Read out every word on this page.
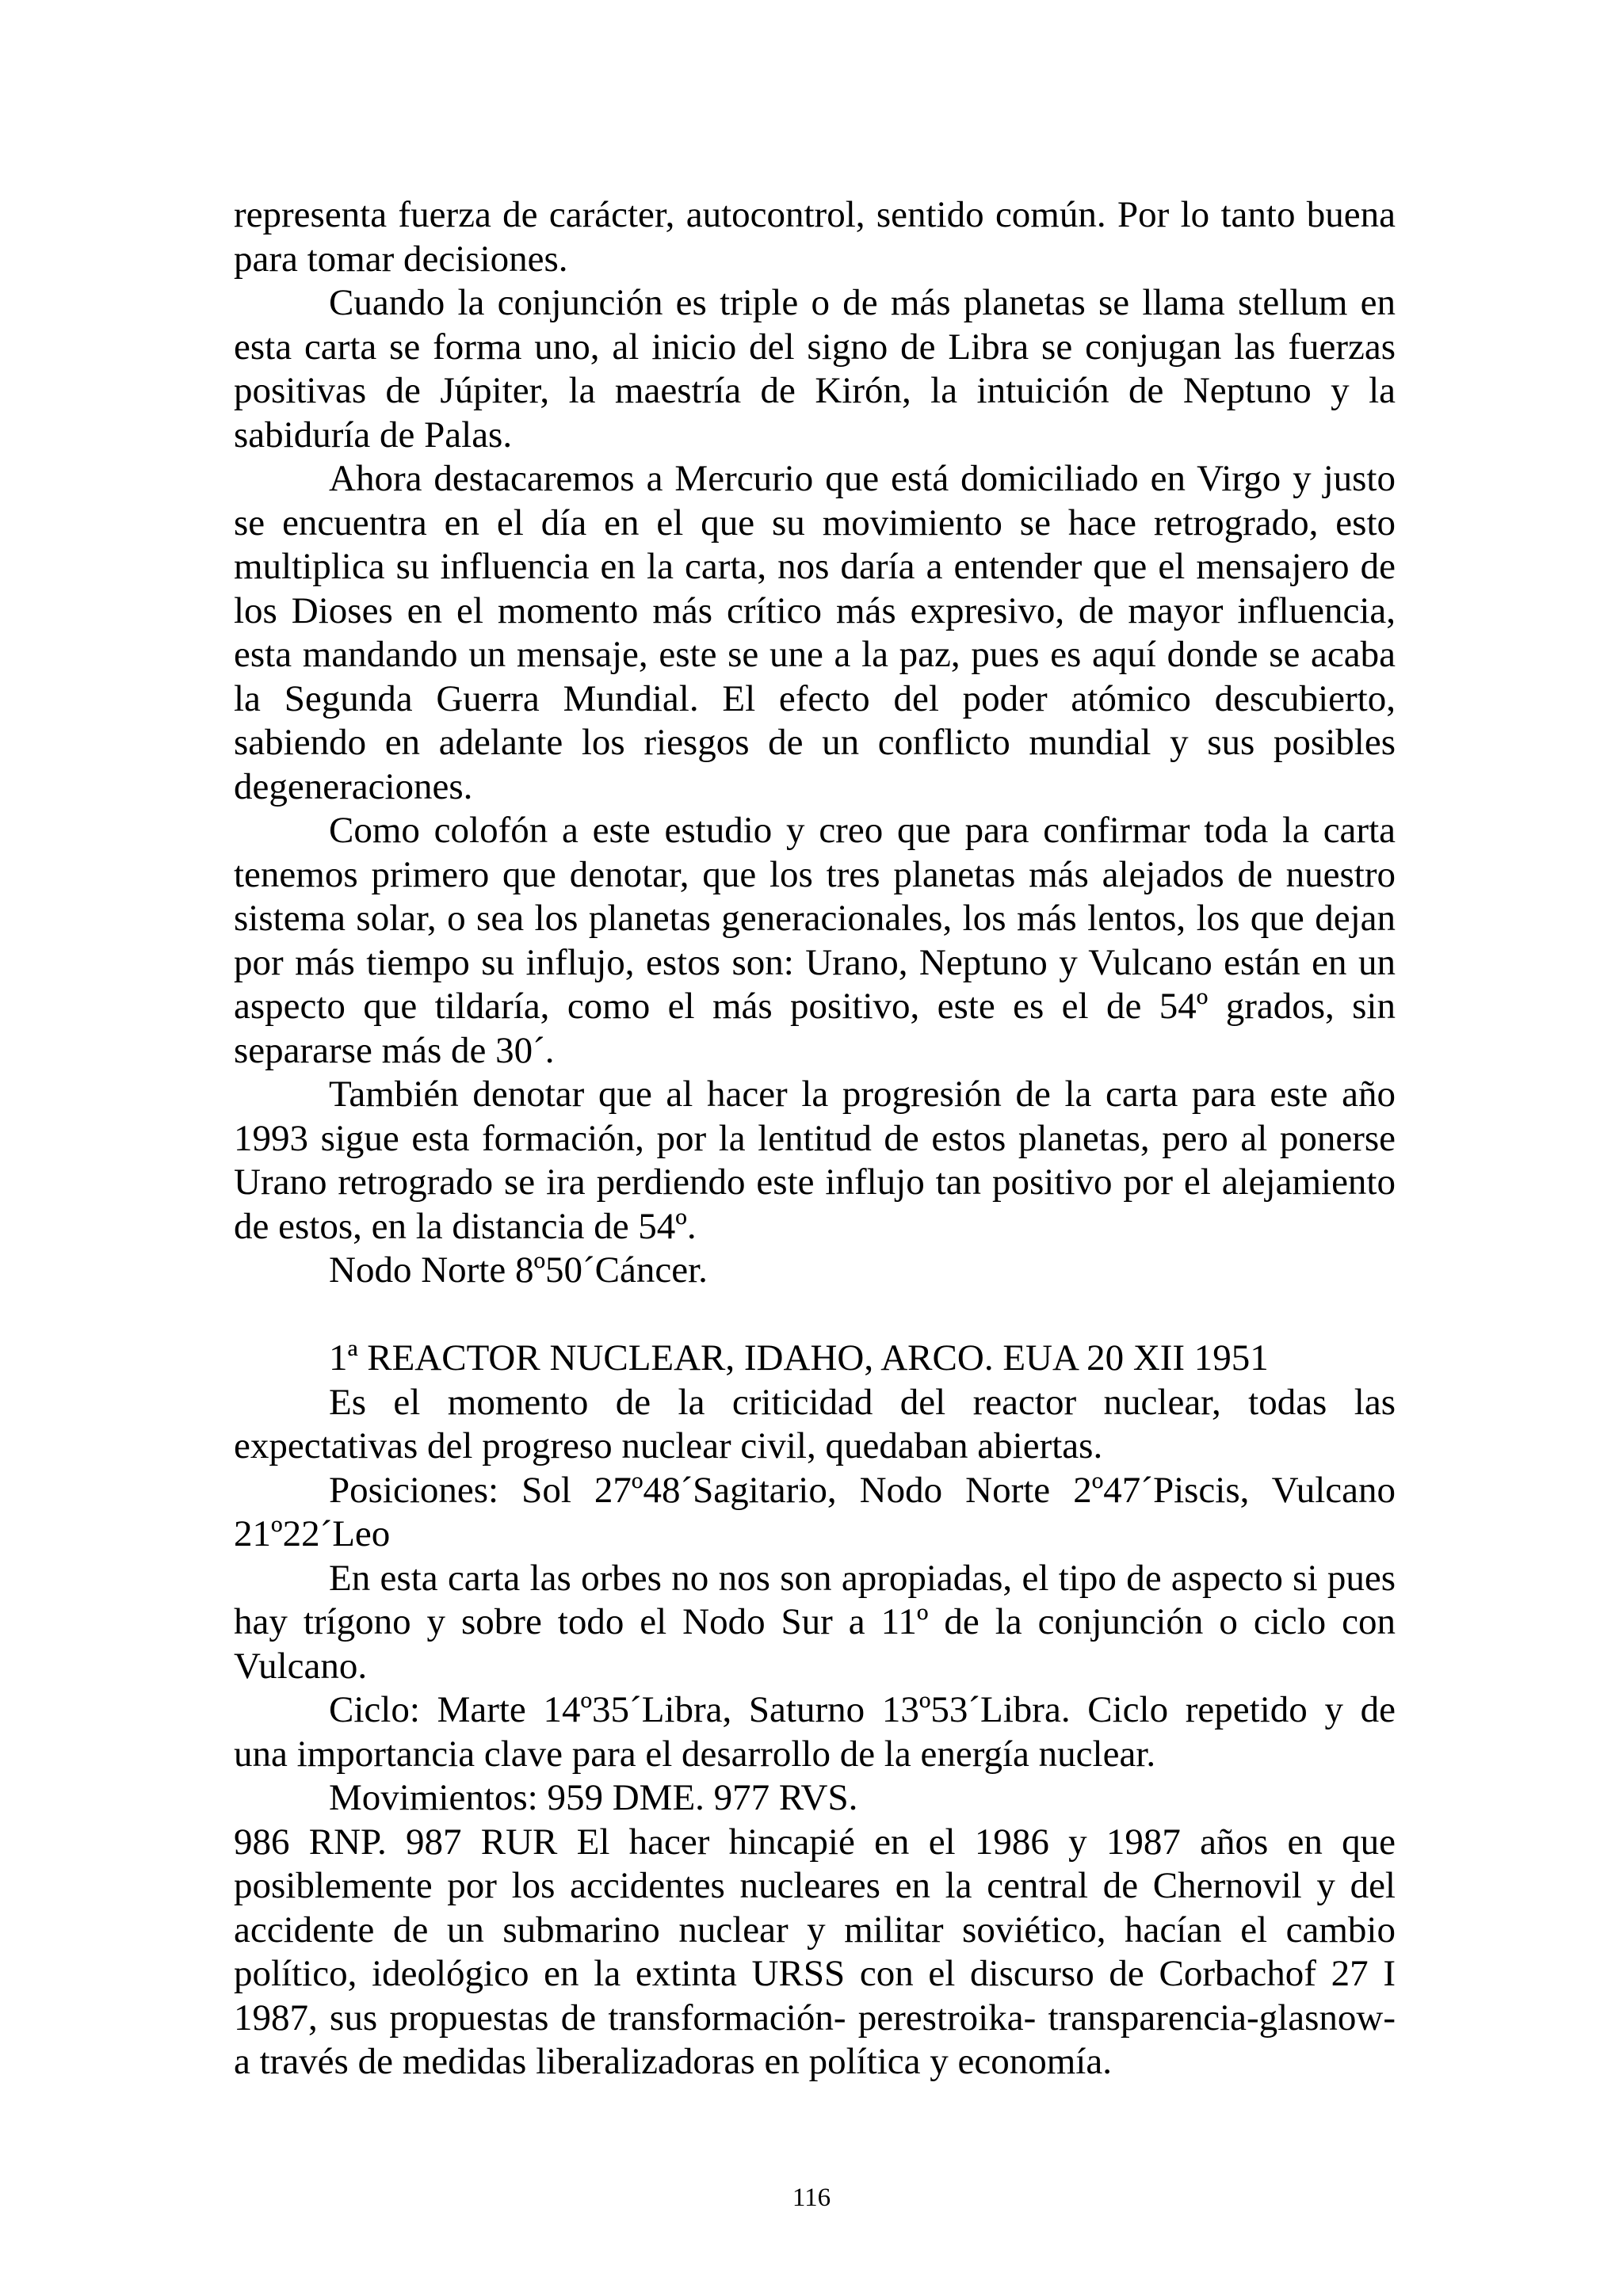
representa fuerza de carácter, autocontrol, sentido común. Por lo tanto buena para tomar decisiones.

Cuando la conjunción es triple o de más planetas se llama stellum en esta carta se forma uno, al inicio del signo de Libra se conjugan las fuerzas positivas de Júpiter, la maestría de Kirón, la intuición de Neptuno y la sabiduría de Palas.

Ahora destacaremos a Mercurio que está domiciliado en Virgo y justo se encuentra en el día en el que su movimiento se hace retrogrado, esto multiplica su influencia en la carta, nos daría a entender que el mensajero de los Dioses en el momento más crítico más expresivo, de mayor influencia, esta mandando un mensaje, este se une a la paz, pues es aquí donde se acaba la Segunda Guerra Mundial. El efecto del poder atómico descubierto, sabiendo en adelante los riesgos de un conflicto mundial y sus posibles degeneraciones.

Como colofón a este estudio y creo que para confirmar toda la carta tenemos primero que denotar, que los tres planetas más alejados de nuestro sistema solar, o sea los planetas generacionales, los más lentos, los que dejan por más tiempo su influjo, estos son: Urano, Neptuno y Vulcano están en un aspecto que tildaría, como el más positivo, este es el de 54º grados, sin separarse más de 30´.

También denotar que al hacer la progresión de la carta para este año 1993 sigue esta formación, por la lentitud de estos planetas, pero al ponerse Urano retrogrado se ira perdiendo este influjo tan positivo por el alejamiento de estos, en la distancia de 54º.

Nodo Norte 8º50´Cáncer.

1ª REACTOR NUCLEAR, IDAHO, ARCO. EUA 20 XII 1951

Es el momento de la criticidad del reactor nuclear, todas las expectativas del progreso nuclear civil, quedaban abiertas.

Posiciones: Sol 27º48´Sagitario, Nodo Norte 2º47´Piscis, Vulcano 21º22´Leo

En esta carta las orbes no nos son apropiadas, el tipo de aspecto si pues hay trígono y sobre todo el Nodo Sur a 11º de la conjunción o ciclo con Vulcano.

Ciclo: Marte 14º35´Libra, Saturno 13º53´Libra. Ciclo repetido y de una importancia clave para el desarrollo de la energía nuclear.

Movimientos: 959 DME. 977 RVS.

986 RNP. 987 RUR El hacer hincapié en el 1986 y 1987 años en que posiblemente por los accidentes nucleares en la central de Chernovil y del accidente de un submarino nuclear y militar soviético, hacían el cambio político, ideológico en la extinta URSS con el discurso de Corbachof 27 I 1987, sus propuestas de transformación- perestroika- transparencia-glasnow- a través de medidas liberalizadoras en política y economía.

116
